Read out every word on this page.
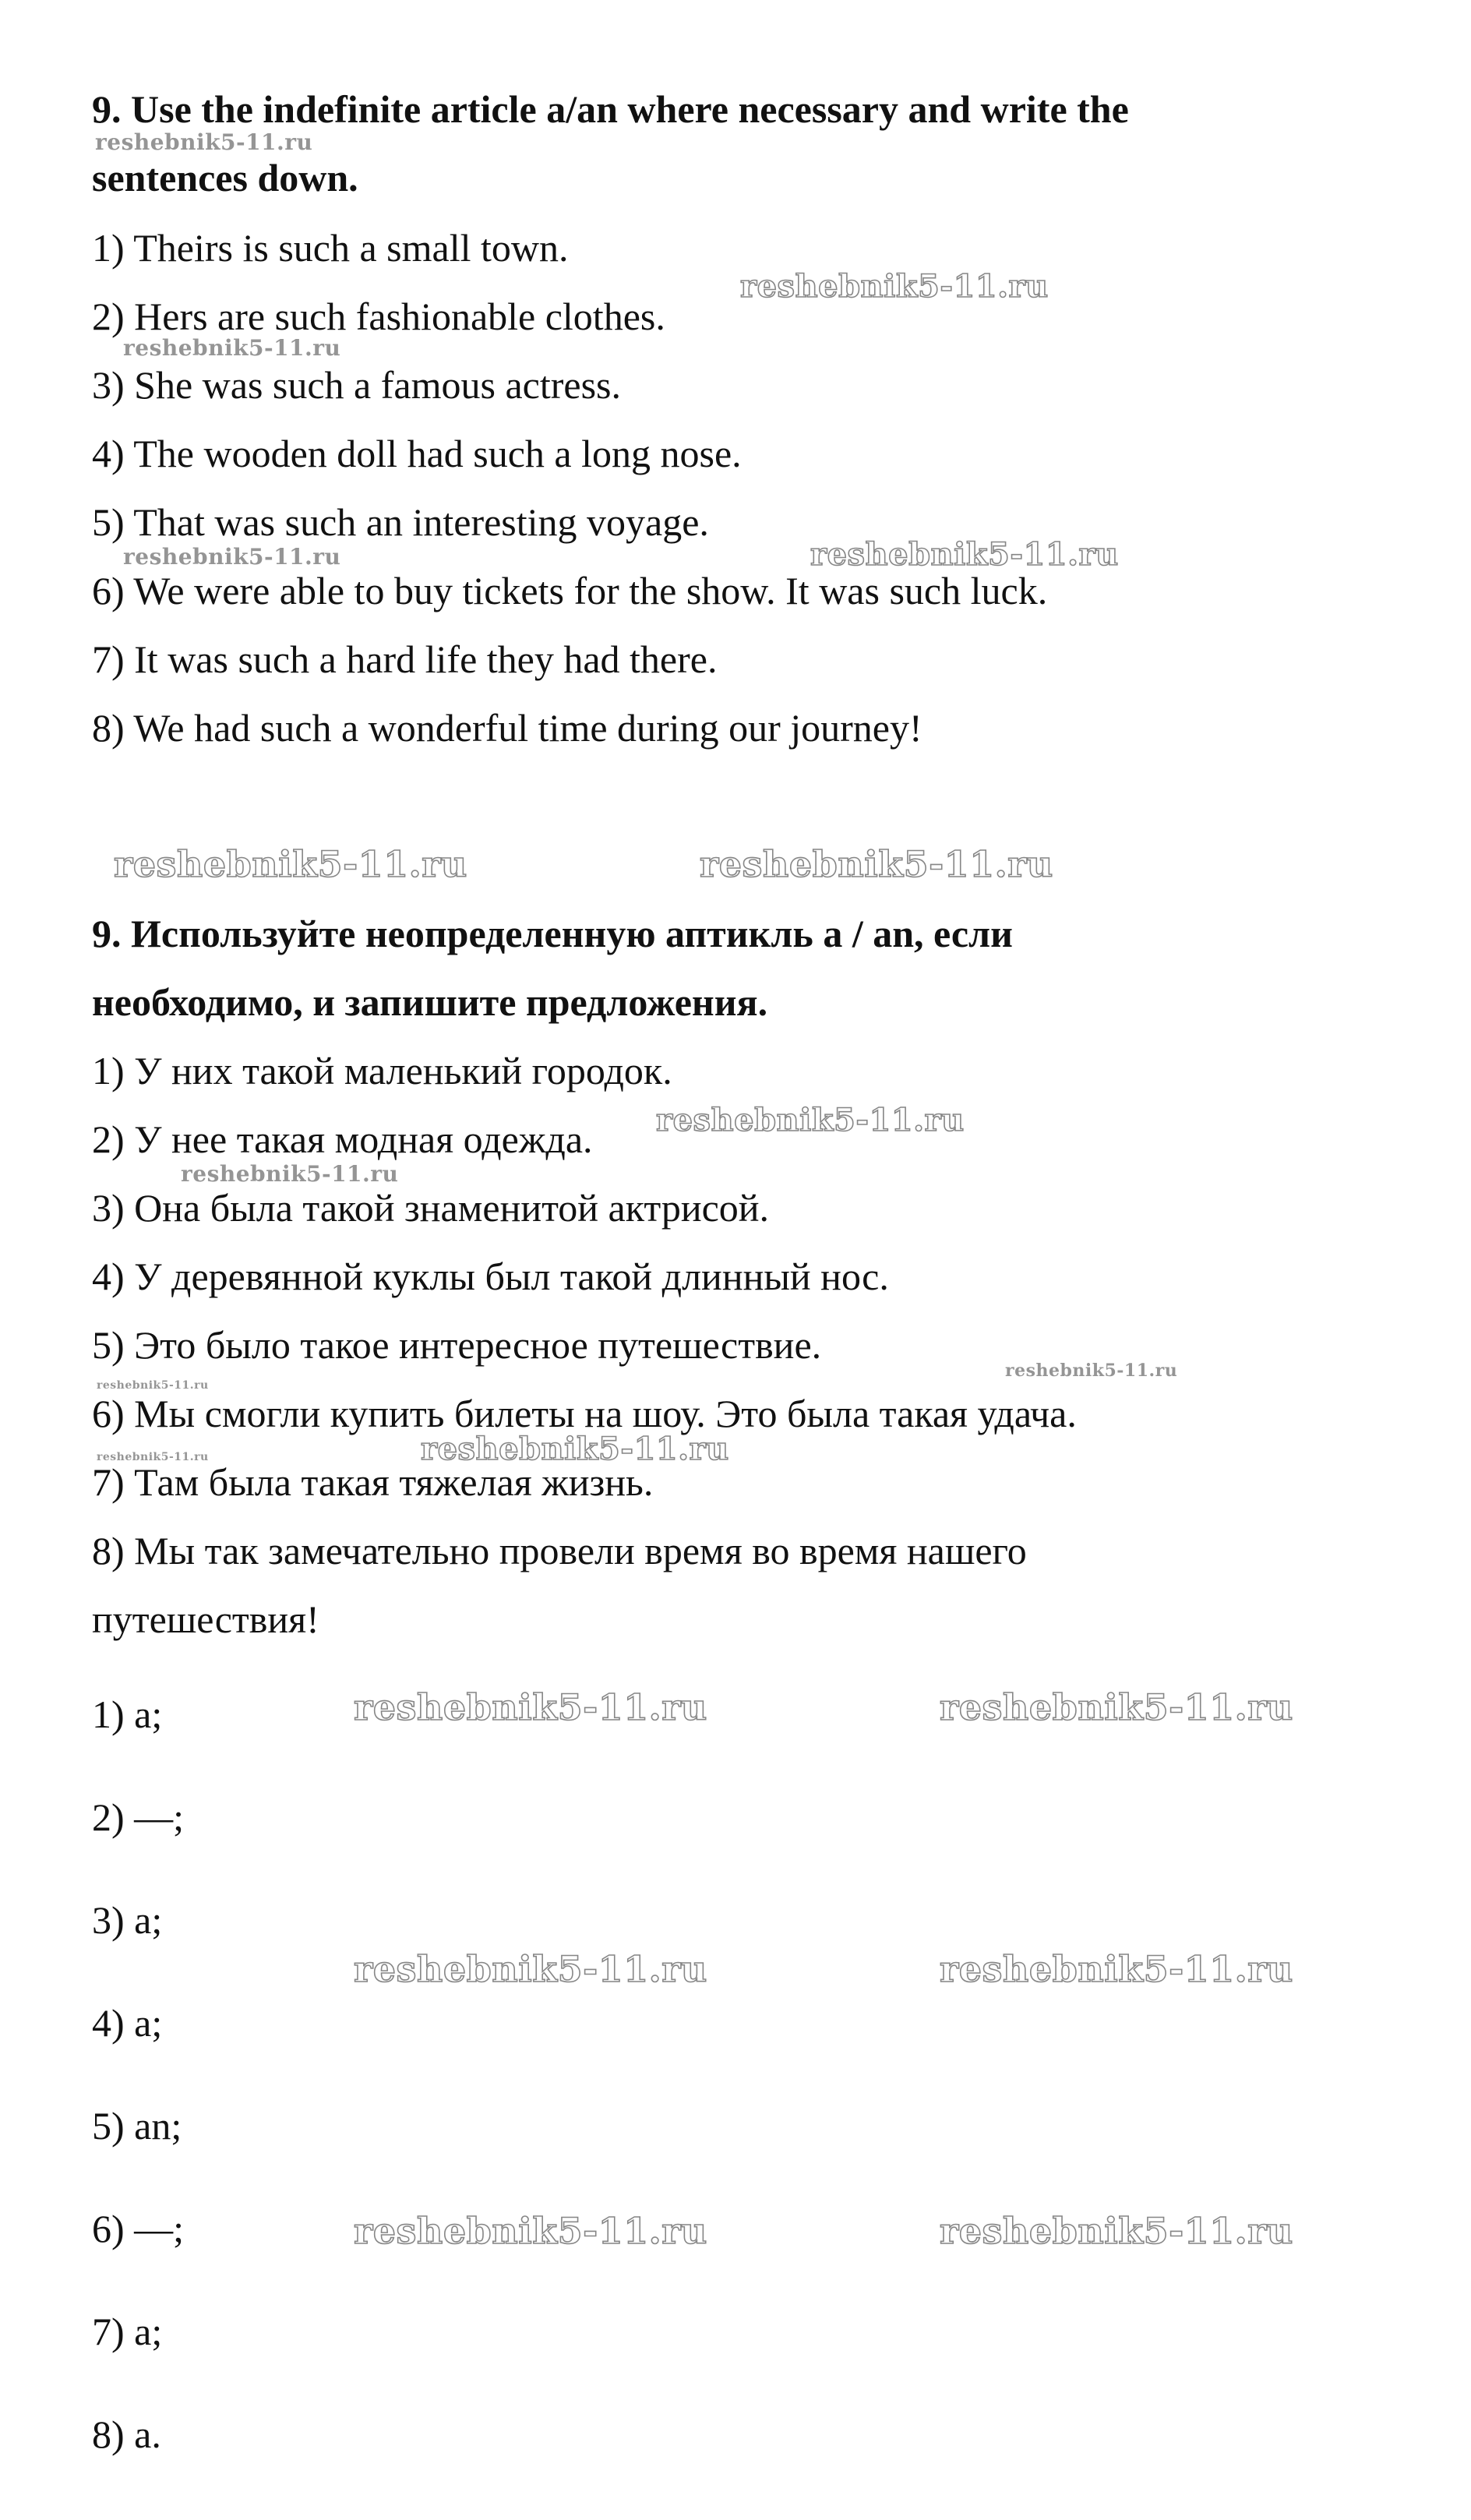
9. Use the indefinite article a/an where necessary and write the
sentences down.
1) Theirs is such a small town.
2) Hers are such fashionable clothes.
3) She was such a famous actress.
4) The wooden doll had such a long nose.
5) That was such an interesting voyage.
6) We were able to buy tickets for the show. It was such luck.
7) It was such a hard life they had there.
8) We had such a wonderful time during our journey!
9. Используйте неопределенную аптикль a / an, если
необходимо, и запишите предложения.
1) У них такой маленький городок.
2) У нее такая модная одежда.
3) Она была такой знаменитой актрисой.
4) У деревянной куклы был такой длинный нос.
5) Это было такое интересное путешествие.
6) Мы смогли купить билеты на шоу. Это была такая удача.
7) Там была такая тяжелая жизнь.
8) Мы так замечательно провели время во время нашего
путешествия!
1) a;
2) —;
3) a;
4) a;
5) an;
6) —;
7) a;
8) a.
reshebnik5-11.ru
reshebnik5-11.ru
reshebnik5-11.ru
reshebnik5-11.ru
reshebnik5-11.ru
reshebnik5-11.ru	reshebnik5-11.ru
reshebnik5-11.ru
reshebnik5-11.ru
reshebnik5-11.ru
reshebnik5-11.ru
reshebnik5-11.ru
reshebnik5-11.ru
reshebnik5-11.ru	reshebnik5-11.ru
reshebnik5-11.ru	reshebnik5-11.ru
reshebnik5-11.ru	reshebnik5-11.ru
